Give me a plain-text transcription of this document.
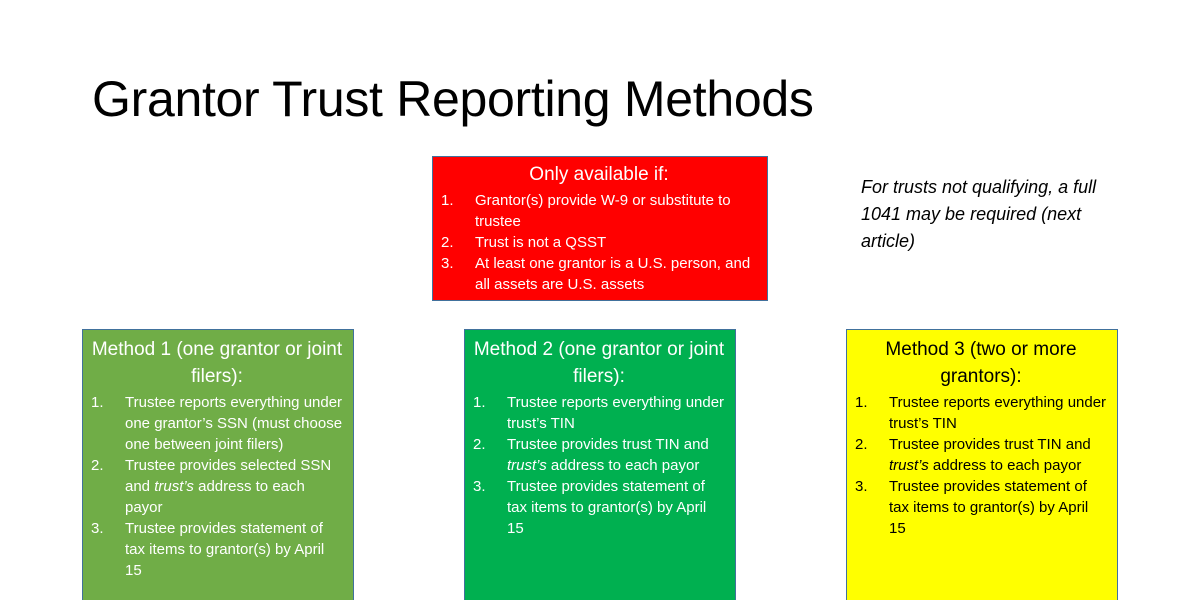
Grantor Trust Reporting Methods
Only available if:
1.	Grantor(s) provide W-9 or substitute to trustee
2.	Trust is not a QSST
3.	At least one grantor is a U.S. person, and all assets are U.S. assets
For trusts not qualifying, a full 1041 may be required (next article)
Method 1 (one grantor or joint filers):
1.	Trustee reports everything under one grantor’s SSN (must choose one between joint filers)
2.	Trustee provides selected SSN and trust’s address to each payor
3.	Trustee provides statement of tax items to grantor(s) by April 15
Method 2 (one grantor or joint filers):
1.	Trustee reports everything under trust’s TIN
2.	Trustee provides trust TIN and trust’s address to each payor
3.	Trustee provides statement of tax items to grantor(s) by April 15
Method 3 (two or more grantors):
1.	Trustee reports everything under trust’s TIN
2.	Trustee provides trust TIN and trust’s address to each payor
3.	Trustee provides statement of tax items to grantor(s) by April 15
